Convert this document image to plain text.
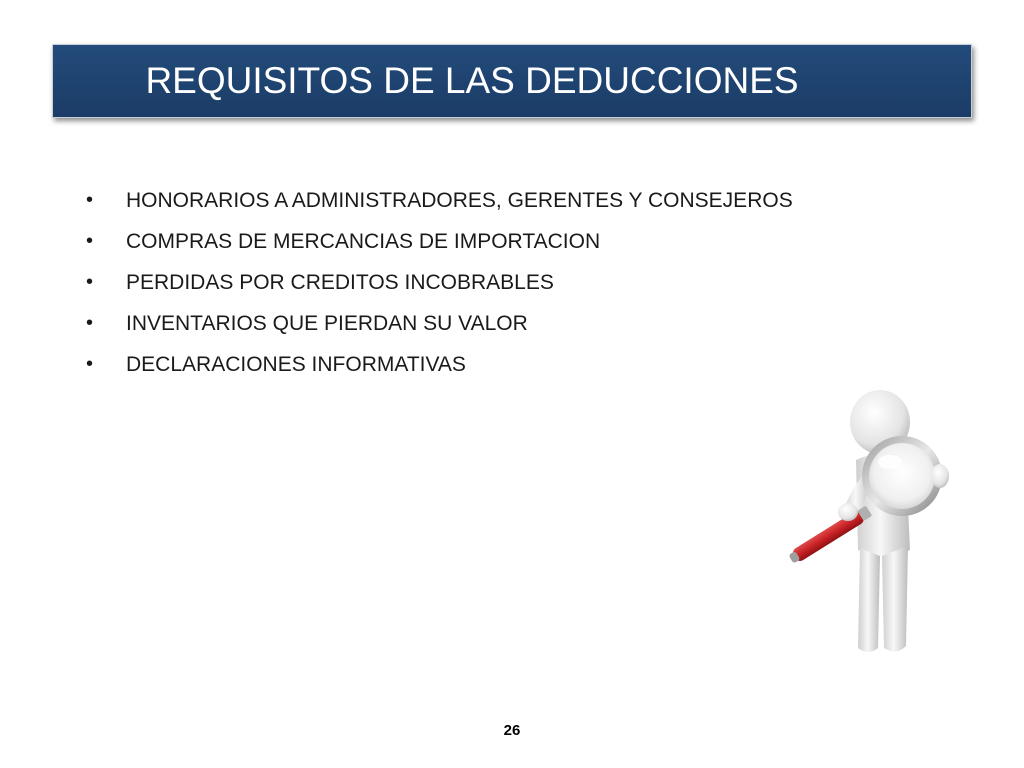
REQUISITOS DE LAS DEDUCCIONES
•	HONORARIOS A ADMINISTRADORES, GERENTES Y CONSEJEROS
•	COMPRAS DE MERCANCIAS DE IMPORTACION
•	PERDIDAS POR CREDITOS INCOBRABLES
•	INVENTARIOS QUE PIERDAN SU VALOR
•	DECLARACIONES INFORMATIVAS
26
